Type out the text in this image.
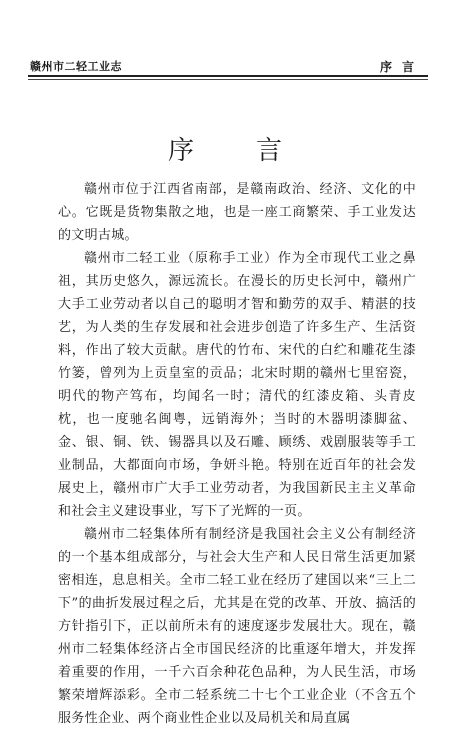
赣州市二轻工业志	序言
序言

赣州市位于江西省南部，是赣南政治、经济、文化的中心。它既是货物集散之地，也是一座工商繁荣、手工业发达的文明古城。

赣州市二轻工业（原称手工业）作为全市现代工业之鼻祖，其历史悠久，源远流长。在漫长的历史长河中，赣州广大手工业劳动者以自己的聪明才智和勤劳的双手、精湛的技艺，为人类的生存发展和社会进步创造了许多生产、生活资料，作出了较大贡献。唐代的竹布、宋代的白纻和雕花生漆竹篓，曾列为上贡皇室的贡品；北宋时期的赣州七里窑瓷，明代的物产笃布，均闻名一时；清代的红漆皮箱、头青皮枕，也一度驰名闽粤，远销海外；当时的木器明漆脚盆、金、银、铜、铁、锡器具以及石雕、顾绣、戏剧服装等手工业制品，大都面向市场，争妍斗艳。特别在近百年的社会发展史上，赣州市广大手工业劳动者，为我国新民主主义革命和社会主义建设事业，写下了光辉的一页。

赣州市二轻集体所有制经济是我国社会主义公有制经济的一个基本组成部分，与社会大生产和人民日常生活更加紧密相连，息息相关。全市二轻工业在经历了建国以来“三上二下”的曲折发展过程之后，尤其是在党的改革、开放、搞活的方针指引下，正以前所未有的速度逐步发展壮大。现在，赣州市二轻集体经济占全市国民经济的比重逐年增大，并发挥着重要的作用，一千六百余种花色品种，为人民生活，市场繁荣增辉添彩。全市二轻系统二十七个工业企业（不含五个服务性企业、两个商业性企业以及局机关和局直属
